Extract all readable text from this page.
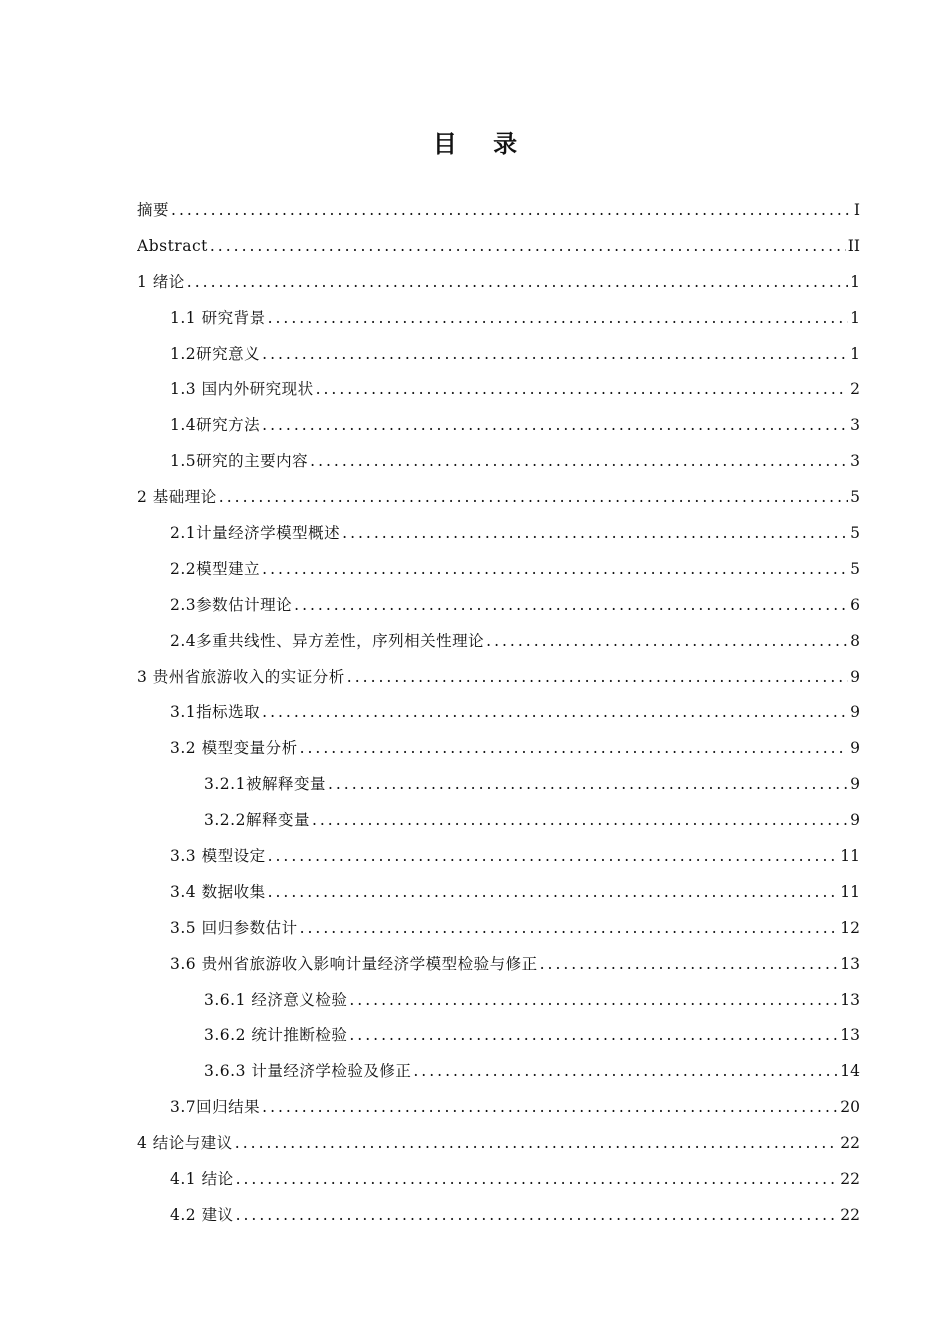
目 录
摘要 .....	I
Abstract .....	II
1 绪论 .....	1
1.1 研究背景 .....	1
1.2研究意义 .....	1
1.3 国内外研究现状 .....	2
1.4研究方法 .....	3
1.5研究的主要内容 .....	3
2 基础理论 .....	5
2.1计量经济学模型概述 .....	5
2.2模型建立 .....	5
2.3参数估计理论 .....	6
2.4多重共线性、异方差性，序列相关性理论 .....	8
3 贵州省旅游收入的实证分析 .....	9
3.1指标选取 .....	9
3.2 模型变量分析 .....	9
3.2.1被解释变量 .....	9
3.2.2解释变量 .....	9
3.3 模型设定 .....	11
3.4 数据收集 .....	11
3.5 回归参数估计 .....	12
3.6 贵州省旅游收入影响计量经济学模型检验与修正 .....	13
3.6.1 经济意义检验 .....	13
3.6.2 统计推断检验 .....	13
3.6.3 计量经济学检验及修正 .....	14
3.7回归结果 .....	20
4 结论与建议 .....	22
4.1 结论 .....	22
4.2 建议 .....	22
